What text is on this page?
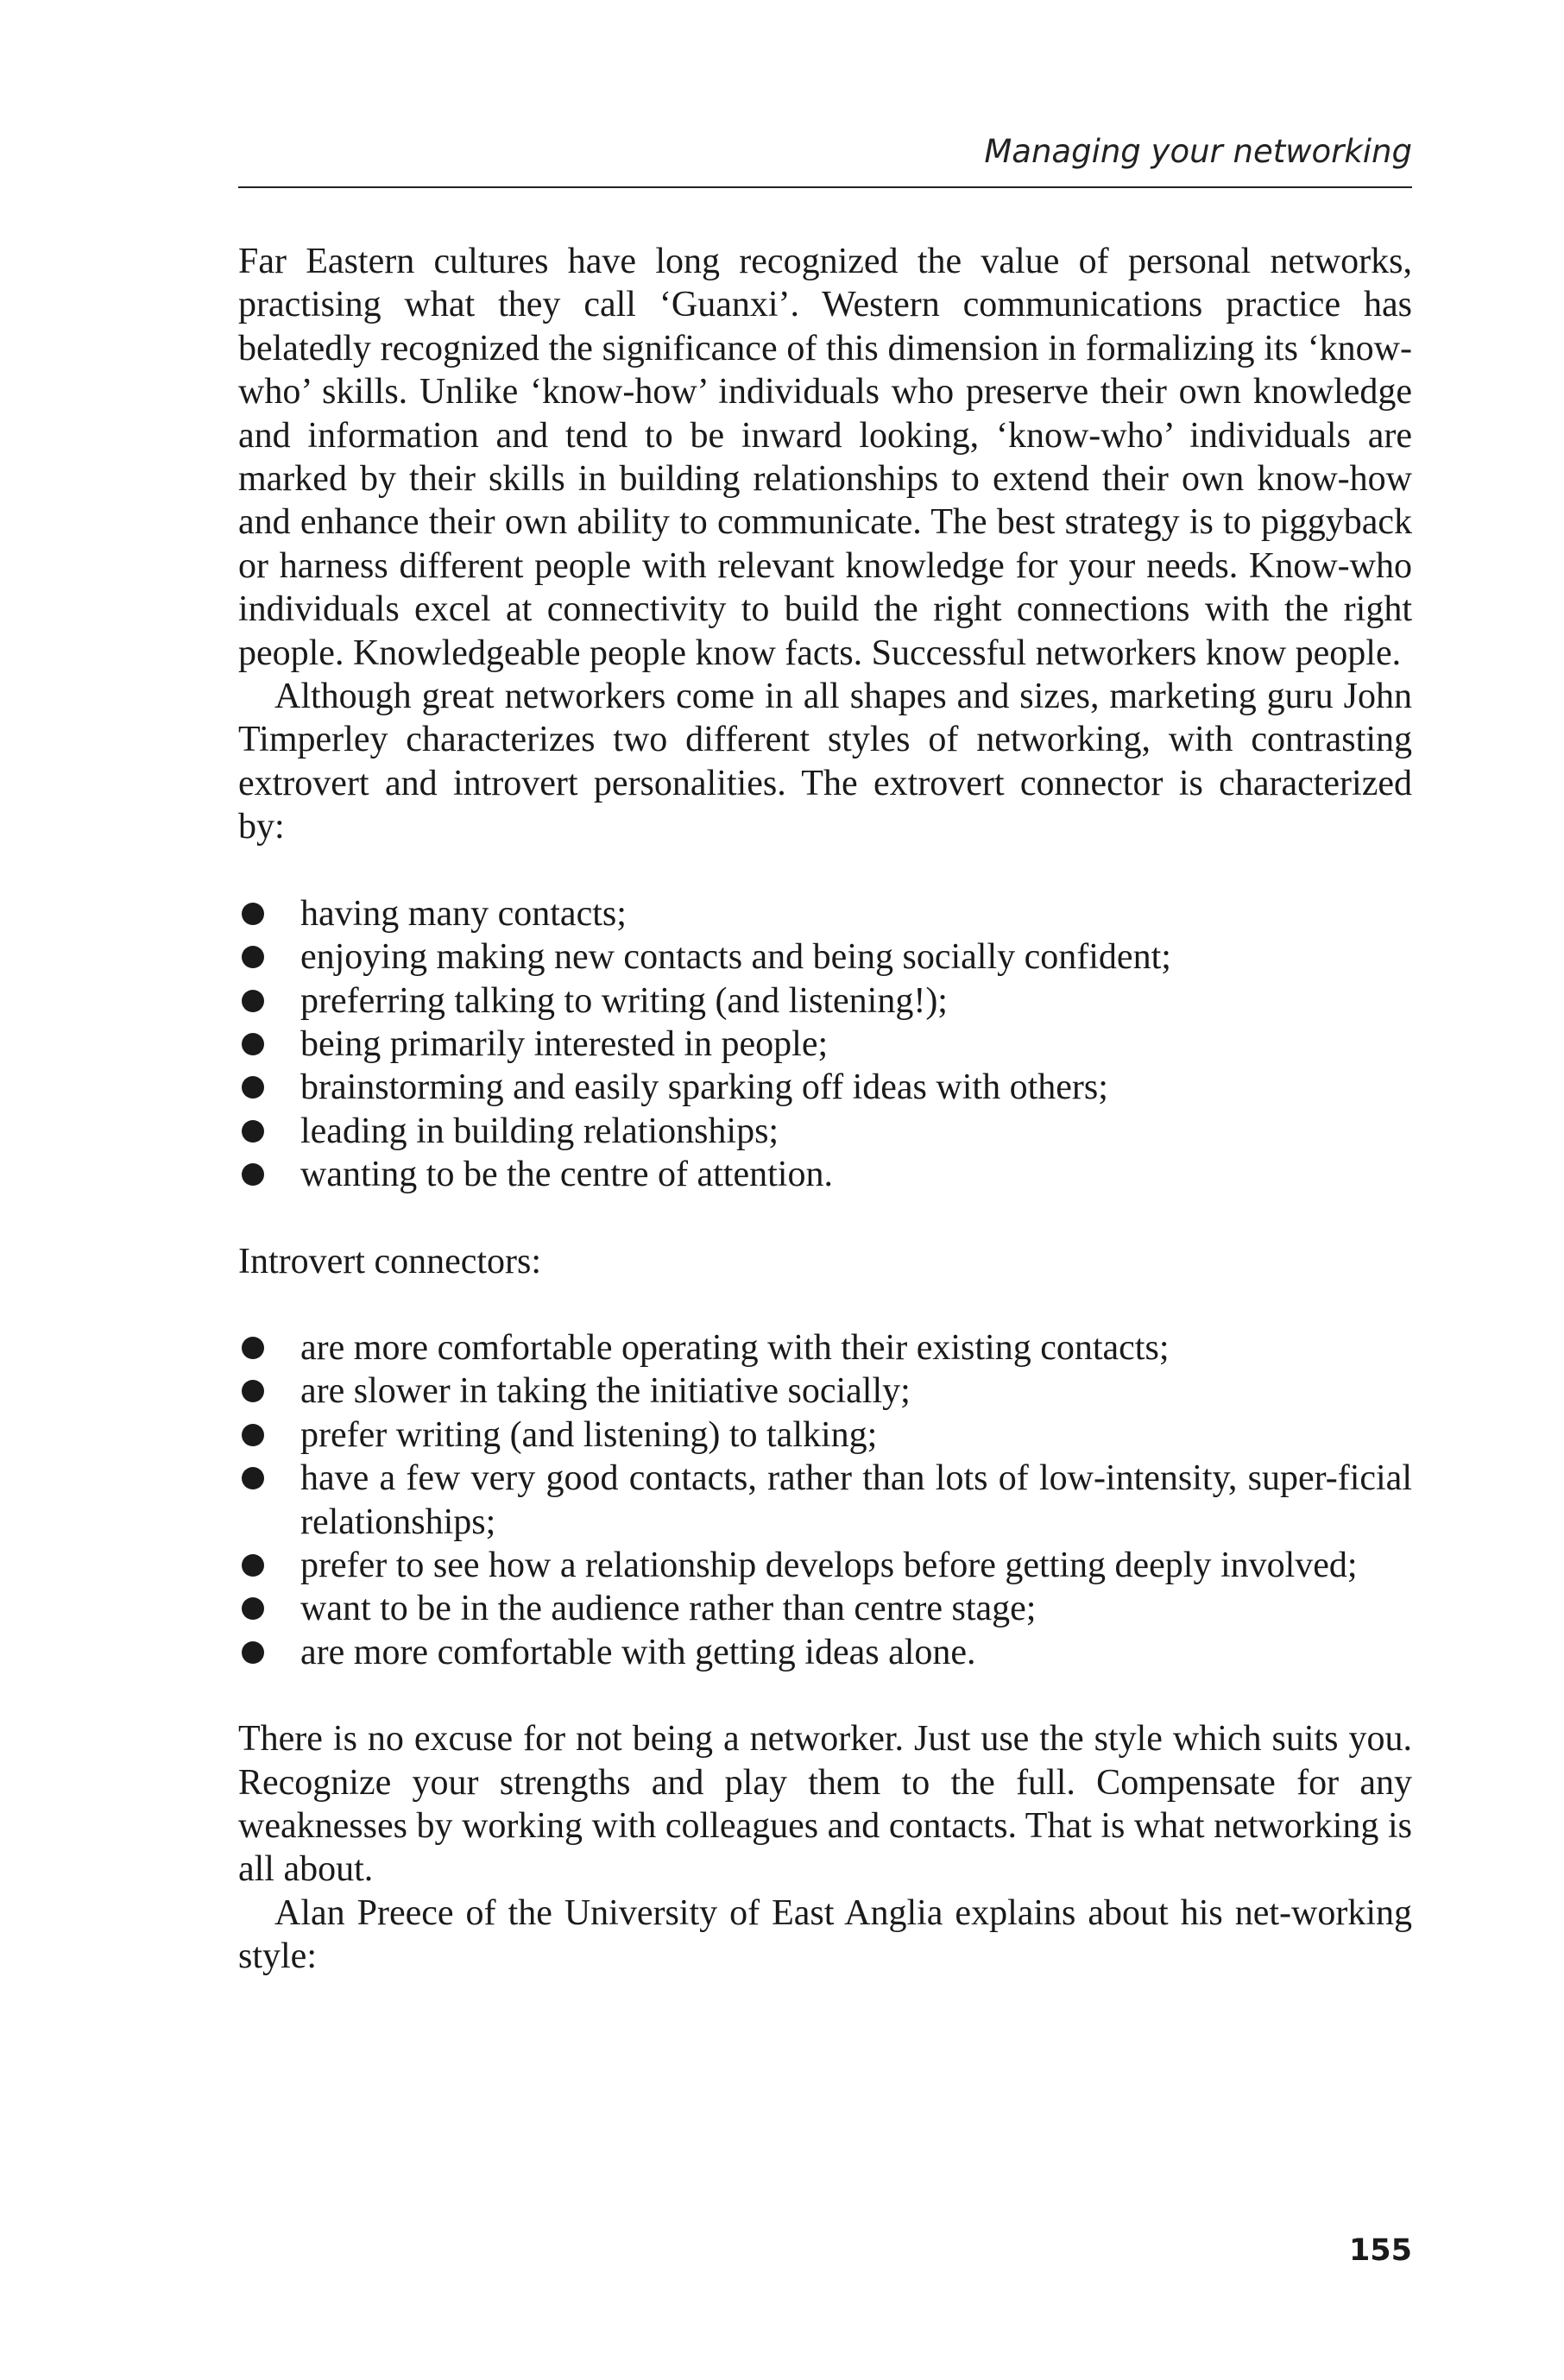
Managing your networking

Far Eastern cultures have long recognized the value of personal networks, practising what they call ‘Guanxi’. Western communications practice has belatedly recognized the significance of this dimension in formalizing its ‘know-who’ skills. Unlike ‘know-how’ individuals who preserve their own knowledge and information and tend to be inward looking, ‘know-who’ individuals are marked by their skills in building relationships to extend their own know-how and enhance their own ability to communicate. The best strategy is to piggyback or harness different people with relevant knowledge for your needs. Know-who individuals excel at connectivity to build the right connections with the right people. Knowledgeable people know facts. Successful networkers know people.

Although great networkers come in all shapes and sizes, marketing guru John Timperley characterizes two different styles of networking, with contrasting extrovert and introvert personalities. The extrovert connector is characterized by:

having many contacts;
enjoying making new contacts and being socially confident;
preferring talking to writing (and listening!);
being primarily interested in people;
brainstorming and easily sparking off ideas with others;
leading in building relationships;
wanting to be the centre of attention.

Introvert connectors:

are more comfortable operating with their existing contacts;
are slower in taking the initiative socially;
prefer writing (and listening) to talking;
have a few very good contacts, rather than lots of low-intensity, super-ficial relationships;
prefer to see how a relationship develops before getting deeply involved;
want to be in the audience rather than centre stage;
are more comfortable with getting ideas alone.

There is no excuse for not being a networker. Just use the style which suits you. Recognize your strengths and play them to the full. Compensate for any weaknesses by working with colleagues and contacts. That is what networking is all about.

Alan Preece of the University of East Anglia explains about his net-working style:

155
